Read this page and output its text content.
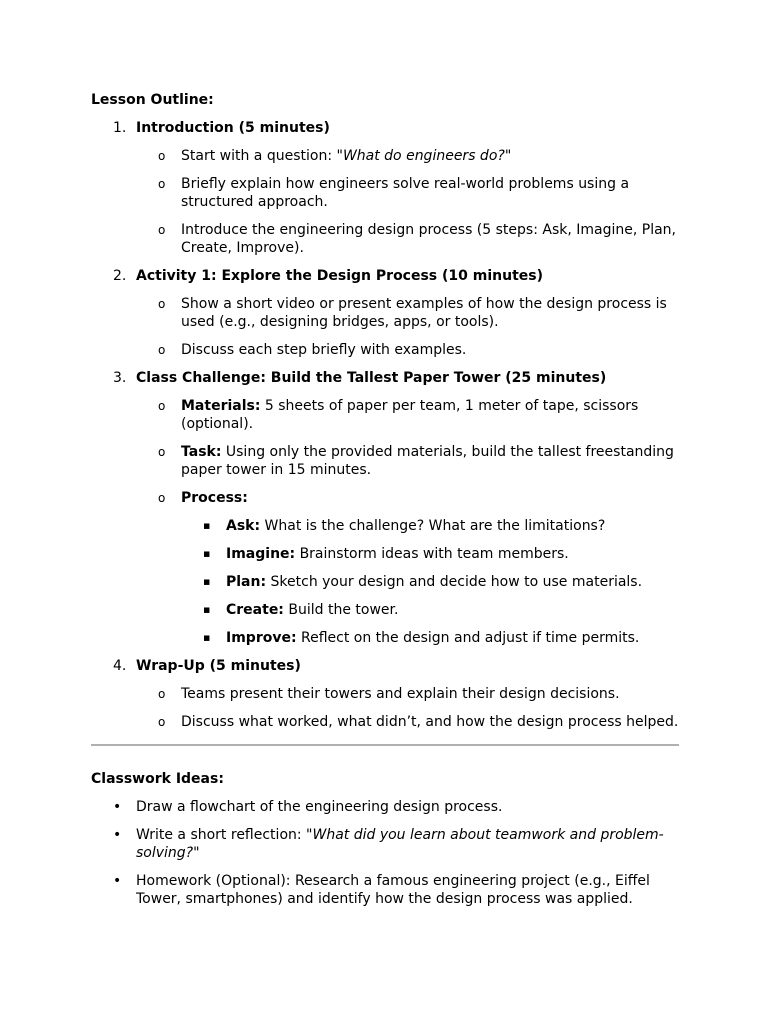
Lesson Outline:
1. Introduction (5 minutes)
o Start with a question: "What do engineers do?"
o Briefly explain how engineers solve real-world problems using a structured approach.
o Introduce the engineering design process (5 steps: Ask, Imagine, Plan, Create, Improve).
2. Activity 1: Explore the Design Process (10 minutes)
o Show a short video or present examples of how the design process is used (e.g., designing bridges, apps, or tools).
o Discuss each step briefly with examples.
3. Class Challenge: Build the Tallest Paper Tower (25 minutes)
o Materials: 5 sheets of paper per team, 1 meter of tape, scissors (optional).
o Task: Using only the provided materials, build the tallest freestanding paper tower in 15 minutes.
o Process:
▪ Ask: What is the challenge? What are the limitations?
▪ Imagine: Brainstorm ideas with team members.
▪ Plan: Sketch your design and decide how to use materials.
▪ Create: Build the tower.
▪ Improve: Reflect on the design and adjust if time permits.
4. Wrap-Up (5 minutes)
o Teams present their towers and explain their design decisions.
o Discuss what worked, what didn’t, and how the design process helped.
Classwork Ideas:
• Draw a flowchart of the engineering design process.
• Write a short reflection: "What did you learn about teamwork and problem-solving?"
• Homework (Optional): Research a famous engineering project (e.g., Eiffel Tower, smartphones) and identify how the design process was applied.
